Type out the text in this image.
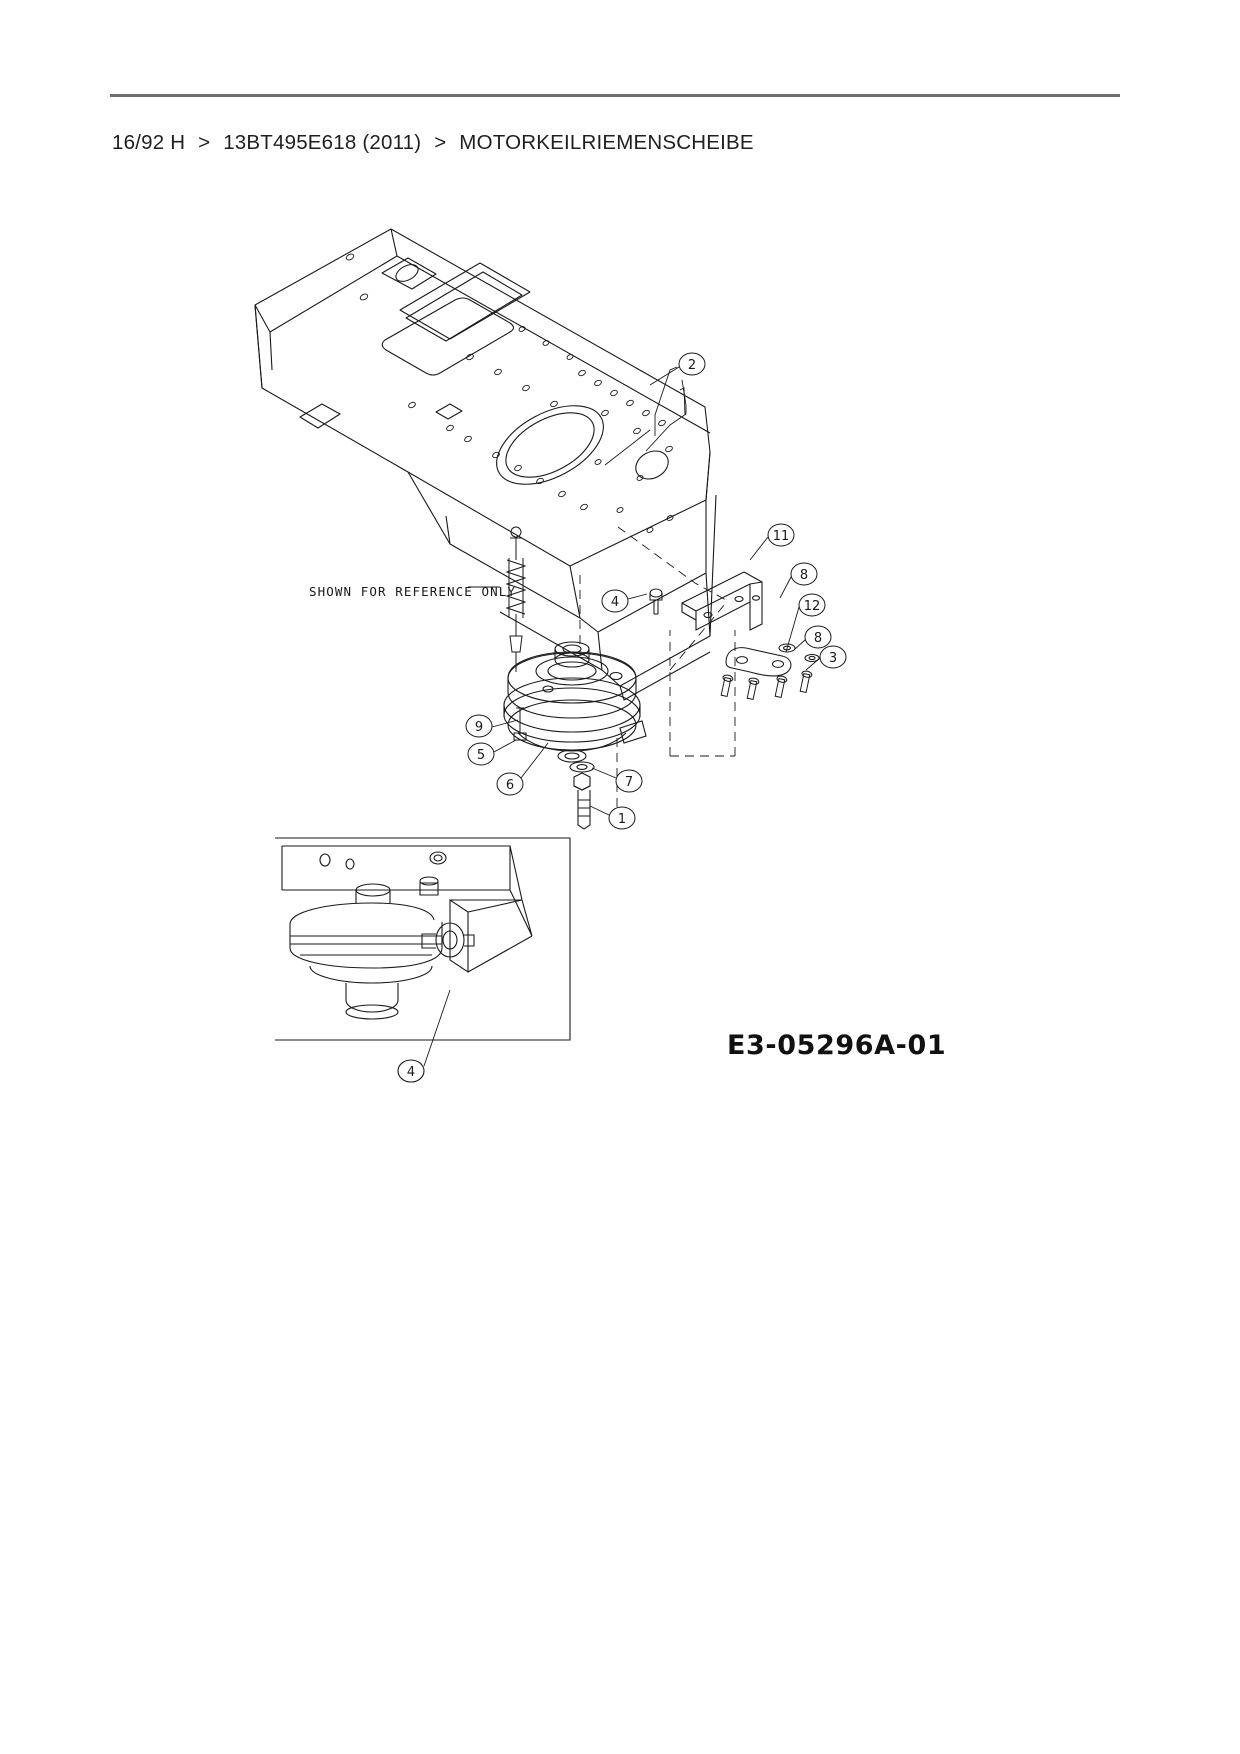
16/92 H > 13BT495E618 (2011) > MOTORKEILRIEMENSCHEIBE
2
11
8
12
8
3
4
9
5
6	7
1
4
SHOWN FOR REFERENCE ONLY
E3-05296A-01
